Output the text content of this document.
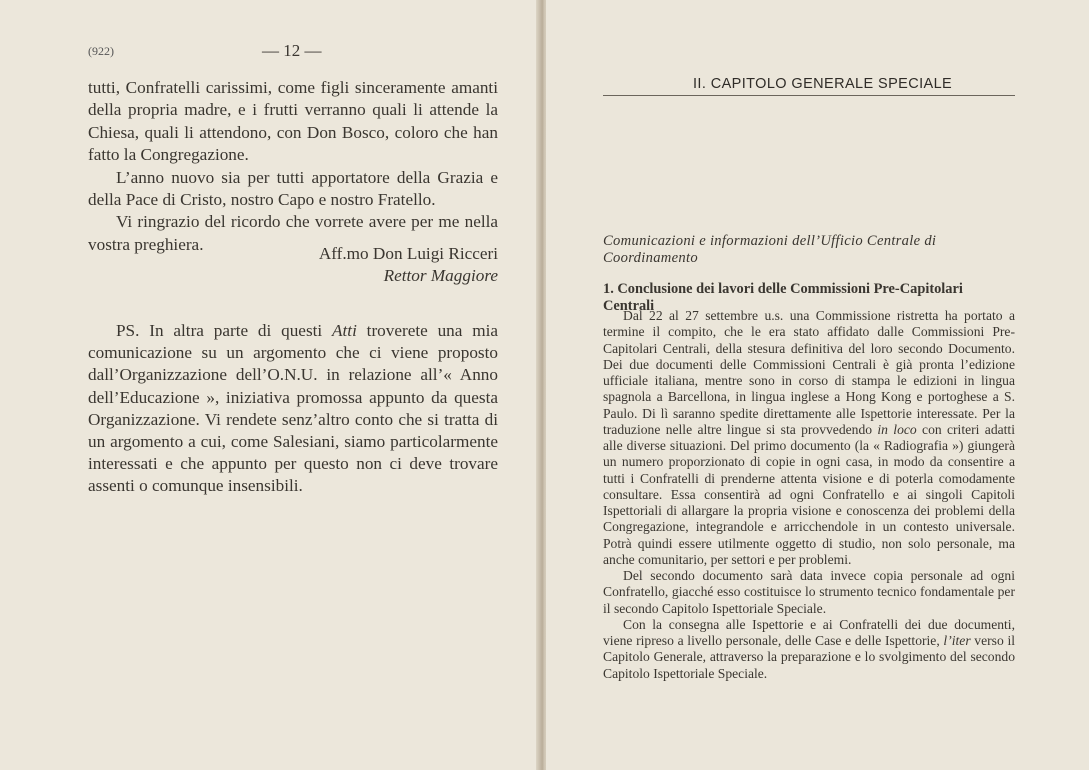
(922)	— 12 —

tutti, Confratelli carissimi, come figli sinceramente amanti della propria madre, e i frutti verranno quali li attende la Chiesa, quali li attendono, con Don Bosco, coloro che han fatto la Congregazione.

L’anno nuovo sia per tutti apportatore della Grazia e della Pace di Cristo, nostro Capo e nostro Fratello.

Vi ringrazio del ricordo che vorrete avere per me nella vostra preghiera.	Aff.mo Don Luigi Ricceri
Rettor Maggiore

PS. In altra parte di questi Atti troverete una mia comunicazione su un argomento che ci viene proposto dall’Organizzazione dell’O.N.U. in relazione all’« Anno dell’Educazione », iniziativa promossa appunto da questa Organizzazione. Vi rendete senz’altro conto che si tratta di un argomento a cui, come Salesiani, siamo particolarmente interessati e che appunto per questo non ci deve trovare assenti o comunque insensibili.

II. CAPITOLO GENERALE SPECIALE
Comunicazioni e informazioni dell’Ufficio Centrale di Coordinamento
1. Conclusione dei lavori delle Commissioni Pre-Capitolari Centrali

Dal 22 al 27 settembre u.s. una Commissione ristretta ha portato a termine il compito, che le era stato affidato dalle Commissioni Pre-Capitolari Centrali, della stesura definitiva del loro secondo Documento. Dei due documenti delle Commissioni Centrali è già pronta l’edizione ufficiale italiana, mentre sono in corso di stampa le edizioni in lingua spagnola a Barcellona, in lingua inglese a Hong Kong e portoghese a S. Paulo. Di lì saranno spedite direttamente alle Ispettorie interessate. Per la traduzione nelle altre lingue si sta provvedendo in loco con criteri adatti alle diverse situazioni. Del primo documento (la « Radiografia ») giungerà un numero proporzionato di copie in ogni casa, in modo da consentire a tutti i Confratelli di prenderne attenta visione e di poterla comodamente consultare. Essa consentirà ad ogni Confratello e ai singoli Capitoli Ispettoriali di allargare la propria visione e conoscenza dei problemi della Congregazione, integrandole e arricchendole in un contesto universale. Potrà quindi essere utilmente oggetto di studio, non solo personale, ma anche comunitario, per settori e per problemi.

Del secondo documento sarà data invece copia personale ad ogni Confratello, giacché esso costituisce lo strumento tecnico fondamentale per il secondo Capitolo Ispettoriale Speciale.

Con la consegna alle Ispettorie e ai Confratelli dei due documenti, viene ripreso a livello personale, delle Case e delle Ispettorie, l’iter verso il Capitolo Generale, attraverso la preparazione e lo svolgimento del secondo Capitolo Ispettoriale Speciale.
